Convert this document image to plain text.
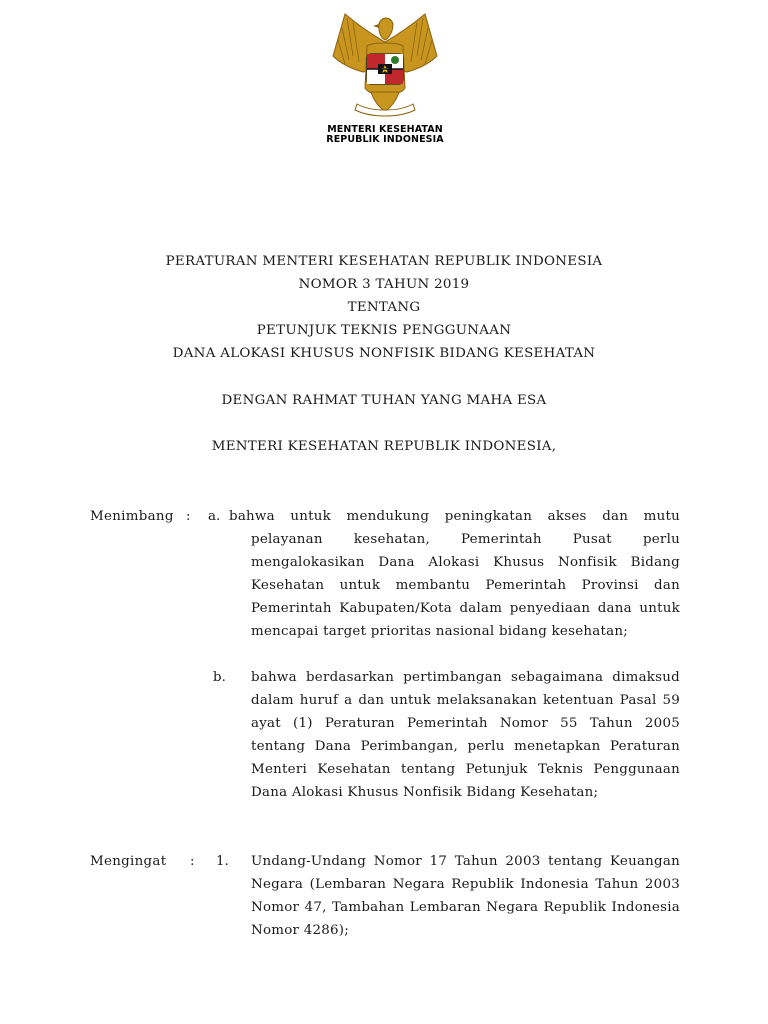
MENTERI KESEHATAN
REPUBLIK INDONESIA
PERATURAN MENTERI KESEHATAN REPUBLIK INDONESIA
NOMOR 3 TAHUN 2019
TENTANG
PETUNJUK TEKNIS PENGGUNAAN
DANA ALOKASI KHUSUS NONFISIK BIDANG KESEHATAN
DENGAN RAHMAT TUHAN YANG MAHA ESA
MENTERI KESEHATAN REPUBLIK INDONESIA,
Menimbang : a. bahwa untuk mendukung peningkatan akses dan mutu pelayanan kesehatan, Pemerintah Pusat perlu mengalokasikan Dana Alokasi Khusus Nonfisik Bidang Kesehatan untuk membantu Pemerintah Provinsi dan Pemerintah Kabupaten/Kota dalam penyediaan dana untuk mencapai target prioritas nasional bidang kesehatan;
b. bahwa berdasarkan pertimbangan sebagaimana dimaksud dalam huruf a dan untuk melaksanakan ketentuan Pasal 59 ayat (1) Peraturan Pemerintah Nomor 55 Tahun 2005 tentang Dana Perimbangan, perlu menetapkan Peraturan Menteri Kesehatan tentang Petunjuk Teknis Penggunaan Dana Alokasi Khusus Nonfisik Bidang Kesehatan;
Mengingat : 1. Undang-Undang Nomor 17 Tahun 2003 tentang Keuangan Negara (Lembaran Negara Republik Indonesia Tahun 2003 Nomor 47, Tambahan Lembaran Negara Republik Indonesia Nomor 4286);
